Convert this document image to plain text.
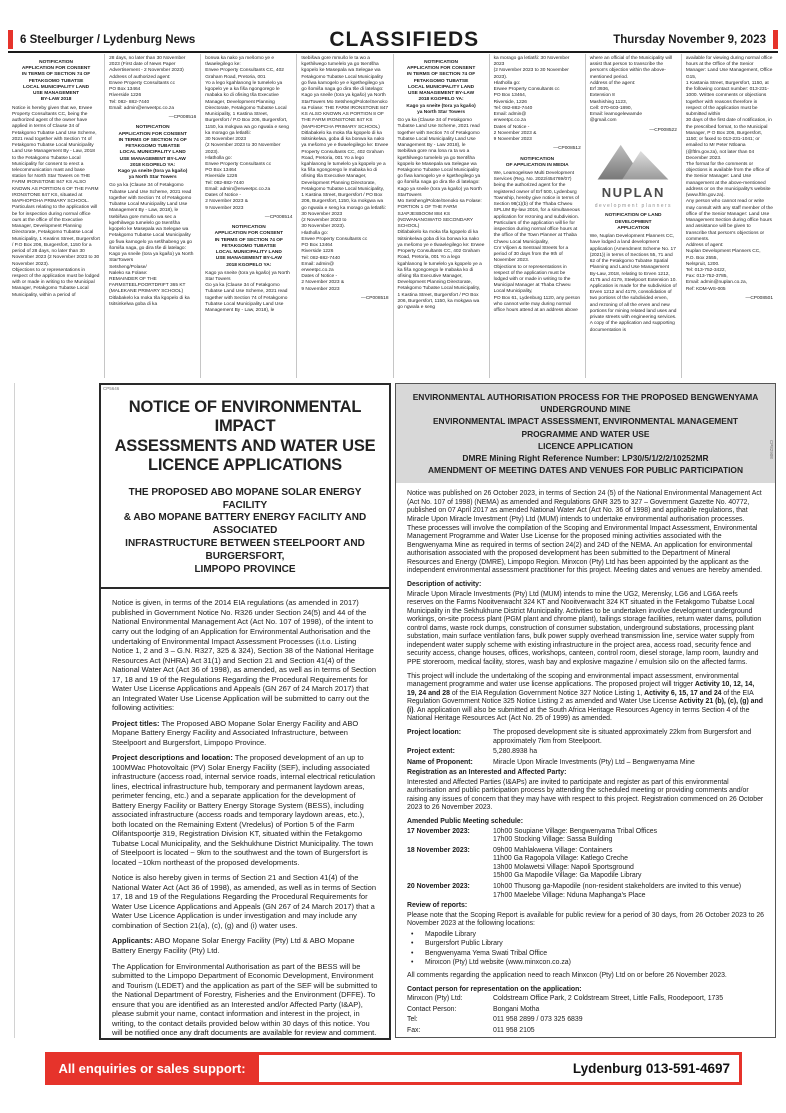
6 Steelburger / Lydenburg News	CLASSIFIEDS	Thursday November 9, 2023
NOTIFICATION
APPLICATION FOR CONSENT
IN TERMS OF SECTION 74 OF
FETAKGOMO TUBATSE
LOCAL MUNICIPALITY LAND
USE MANAGEMENT
BY-LAW 2018
Notice is hereby given that we, Erwee Property Consultants CC, being the authorized agent of the owner have applied in terms of Clause 34 of Fetakgomo Tubatse Land Use Scheme, 2021 read together with Section 74 of Fetakgomo Tubatse Local Municipality Land Use Management By - Law, 2018 to the Fetakgomo Tubatse Local Municipality for consent to erect a telecommunication mast and base station for North Star Towers on THE FARM IRONSTONE 847 KS ALSO KNOWN AS PORTION 6 OF THE FARM IRONSTONE 847 KS, situated at MAPHOPOHA PRIMARY SCHOOL.
Particulars relating to the application will be for inspection during normal office ours at the office of the Executive Manager, Development Planning Directorate, Fetakgomo Tubatse Local Municipality, 1 Keatins Street, Burgersfort / P.O Box 206, Burgersfort, 1150 for a period of 28 days, no later than 30 November 2023 (2 November 2023 to 30 November 2023).
Objections to or representations in respect of the application must be lodged with or made in writing to the Municipal Manager, Fetakgomo Tubatse Local Municipality, within a period of
28 days, no later than 30 November 2023 (First date of News Paper Advertisement - 2 November 2023)
Address of authorized agent:
Erwee Property Consultants cc
PO Box 13464
Riverside 1226
Tel: 082- 882-7440
Email: admin@erweetpc.co.za
—CP008516
NOTIFICATION
APPLICATION FOR CONSENT
IN TERMS OF SECTION 74 OF
FETAKGOMO TUBATSE
LOCAL MUNICIPALITY LAND
USE MANAGEMENT BY-LAW
2018 KGOPELO YA:
Kago ya sneite (tora ya kgašo)
ya North Star Towers
Go ya ka (Clause 34 of Fetakgomo Tubatse Land Use Scheme, 2021 read together with Section 74 of Fetakgomo Tubatse Local Municipality Land Use Management By - Law, 2018), le tsebišwa gore mmušo wa sec a kgethilwego tumelelo go tsentšha kgopelo ke Masepala wa Selegae wa Fetakgomo Tubatse Local Municipality go fiwa kamogelo ya setšhabeng ya go šomiša naga, go dira tše di latelago:
Kago ya sneile (tora ya kgašo) ya North StarTowers
Setsheng/Polase/
Naleko sa Folase:
REMAINDER OF THE FARMSTEELPOORTDRIFT 365 KT (MALEKANE PRIMARY SCHOOL)
Ditlabakelo ka moka tša kgopelo di ka tsitsinkelwa goba di ka
bonwa ka nako ya mešomo ye e tlwaelegilego ke:
Erwee Property Consultants CC, 402 Graham Road, Pretoria, 001
Yo a lego kgahlanong le tumelelo ya kgopelo ye a ka fiša ngongorego le mabaka ko di ofising tša Executive Manager, Development Planning Directorate, Fetakgomo Tubatse Local Municipality, 1 Kastina Street, Burgersfort / P.O Box 206, Burgersfort, 1150, ka mokgwa wa go ngwala e seng ka morago ga letlatši:
30 November 2023
(2 November 2023 to 30 November 2023).
Hlatholla go:
Erwee Property Consultants cc
PO Box 13464
Riverside 1226
Tel: 082-882-7440
Email: admin@erweetpc.co.za
Dates of Notice -
2 November 2023 &
9 November 2023
—CP008514
NOTIFICATION
APPLICATION FOR CONSENT
IN TERMS OF SECTION 74 OF
FETAKGOMO TUBATSE
LOCAL MUNICIPALITY LAND
USE MANAGEMENT BY-LAW
2018 KGOPELO YA:
Kago ya sneite (tora ya kgašo) ya North Star Towers
Go ya ka (Clause 34 of Fetakgomo Tubatse Land Use Scheme, 2021 read together with Section 74 of Fetakgomo Tubatse Local Municipality Land Use Management By - Law, 2018), le
tsebišwa gore mmušo le ta wo a kgethilwego tumelelo ya go tsentšha kgopelo ke Masepala wa Selegae wa Fetakgomo Tubatse Local Municipality go fiwa kamogelo ye e kgethegilego ya go šomiša naga go dira tše di latelago: Kago ya sneile (tora ya kgašo) ya North StarTowers Mo Setsheng/Polote/Senoko sa Folase: THE FARM IRONSTONE 847 KS ALSO KNOWN AS PORTION 8 OF THE FARM IRONSTONE 847 KS (MAPHOPCHA PRIMARY SCHOOL) Ditlabakelo ka moka tša kgopelo di ka tsitsinkelwa, goba di ka bonwa ka nako ya mešomo ye e tlwaelegilego ke: Erwee Property Consultants CC, 402 Graham Road, Pretoria, 001 Yo a lego kgahlanong le tumelelo ya kgopelo ye a ka fiša ngongorego le mabaka ko di ofising tša Executive Manager, Development Planning Directorate, Fetakgomo Tubatse Local Municipality,
1 Kastina Street, Burgersfort / PO Box 206, Burgersfort, 1150, ka mokgwa wa go ngwala e seng ka morago ga letlatši:
30 November 2023
(2 November 2023 to
30 November 2023).
Hlatholla go:
Erwee Property Consultants cc
PO Box 13464
Riverside 1226
Tel: 082-882-7440
Email: admin@
erweetpc.co.za
Dates of Notice -
2 November 2023 &
9 November 2023
—CP008518
NOTIFICATION
APPLICATION FOR CONSENT
IN TERMS OF SECTION 74 OF
FETAKGOMO TUBATSE
LOCAL MUNICIPALITY LAND
USE MANAGEMENT BY-LAW
2018 KGOPELO YA:
Kago ya sneite (tora ya kgašo)
ya North Star Towers
Go ya ka (Clause 34 of Fetakgomo Tubatse Land Use Scheme, 2021 read together with Section 74 of Fetakgomo Tubatse Local Municipality Land Use Management By - Law 2018), le tsebišwa gore nna lona ra ta wo a kgethilwego tumelelo ya go tsentšha kgopelo ke Masepala wa Selegae wa Fetakgomo Tubatse Local Municipality go fiwa kamogelo ye e kgethegilego ya go šomiša naga go dira tše di latelago:
Kago ya sneile (tora ya kgašo) ya North StarTowers
Mo Setsheng/Polote/Senoko sa Folase:
PORTION 1 OF THE FARM SJAPJESBOOM 884 KS (NGWANANGWATO SECONDARY SCHOOL)
Ditlabakelo ka moka tša kgopelo di ka tsitsinkelwa goba di ka bonwa ka nako ya mešomo ye e tlwaelegilego ke: Erwee Property Consultants CC, 402 Graham Road, Pretoria, 001 Yo a lego kgahlanong le tumelelo ya kgopelo ye a ka fiša ngongorego le mabaka ko di ofising tša Executive Manager, Development Planning Directorate, Fetakgomo Tubatse Local Municipality,
1 Kastina Street, Burgersfort / PO Box 206, Burgersfort, 1150, ka mokgwa wa go ngwala e seng
ka morago ga letlatši: 30 November 2023
(2 November 2023 to 30 November 2023).
Hlatholla go:
Erwee Property Consultants cc
PO Box 13464,
Riverside, 1226
Tel: 082-882-7440
Email: admin@
erweetpc.co.za
Dates of Notice -
2 November 2023 &
9 November 2023
—CP008512
NOTIFICATION
OF APPLICATION IN MEDIA
We, Leamogelswe Multi Development Services (Reg. No. 2022/454769/07) being the authorized agent for the registered owner of Erf 500, Lydenburg Township, hereby give notice in terms of Section 98(1)(b) of the Thaba Chweu SPLUM By-law 2016, for a simultaneous application for rezoning and subdivision.
Particulars of the application will lie for inspection during normal office hours at the office of the Town Planner at Thaba Chweu Local Municipality,
Cnr Viljoen & Sentraal Streets for a period of 30 days from the 9th of November 2023.
Objections to or representations in respect of the application must be lodged with or made in writing to the Municipal Manager at Thaba Chweu Local Municipality,
PO Box 61, Lydenburg 1120, any person who cannot write may during normal office hours attend at an address above
where an official of the Municipality will assist that person to transcribe the person's objection within the above-mentioned period.
Address of the agent:
Erf 3936,
Extension 8
Mashishing 1123,
Cell: 070-603-1890,
Email: leamogelewamde
@gmail.com
—CP008522
NUPLAN
development planners
NOTIFICATION OF LAND
DEVELOPMENT
APPLICATION
We, Nuplan Development Planners CC, have lodged a land development application (Amendment Scheme No. 17 (2021)) in terms of Sections 55, 71 and 62 of the Fetakgomo Tubatse Spatial Planning and Land Use Management By-Law, 2018, relating to Erven 1212, 4175 and 4179, Steelpoort Extension 10. Application is made for the subdivision of Erven 1212 and 4179, consolidation of two portions of the subdivided erven, and rezoning of all the erven and new portions for mining related land uses and private streets with engineering services. A copy of the application and supporting documentation is
available for viewing during normal office hours at the Office of the Senior Manager: Land Use Management, Office G15,
1 Kastania Street, Burgersfort, 1150, at the following contact number: 013-231-1000. Written comments or objections together with reasons therefore in respect of the application must be submitted within
30 days of the first date of notification, in the prescribed format, to the Municipal Manager, P O Box 206, Burgersfort, 1150; or faxed to 013-231-1041; or emailed to Mr Peter Ntloana (@ftlm.gov.za), not later than 04 December 2023.
The format for the comments or objections is available from the office of the Senior Manager: Land Use management at the above-mentioned address or on the municipality's website (www.ftlm.gov.za).
Any person who cannot read or write may consult with any staff member of the office of the Senior Manager: Land Use Management Section during office hours and assistance will be given to transcribe that person's objections or comments.
Address of agent:
Nuplan Development Planners CC,
P.O. Box 2555,
Nelspruit, 1200.
Tel: 013-752-3422,
Fax: 013-752-3785,
Email: admin@nuplan.co.za,
Ref: KDM-WS-005
—CP008501
CP5646
NOTICE OF ENVIRONMENTAL IMPACT
ASSESSMENTS AND WATER USE
LICENCE APPLICATIONS
THE PROPOSED ABO MOPANE SOLAR ENERGY FACILITY
& ABO MOPANE BATTERY ENERGY FACILITY AND ASSOCIATED
INFRASTRUCTURE BETWEEN STEELPOORT AND BURGERSFORT,
LIMPOPO PROVINCE

Notice is given, in terms of the 2014 EIA regulations (as amended in 2017) published in Government Notice No. R326 under Section 24(5) and 44 of the National Environmental Management Act (Act No. 107 of 1998), of the intent to carry out the lodging of an Application for Environmental Authorisation and the undertaking of Environmental Impact Assessment Processes (i.t.o. Listing Notice 1, 2 and 3 – G.N. R327, 325 & 324), Section 38 of the National Heritage Resources Act (NHRA) Act 31(1) and Section 21 and Section 41(4) of the National Water Act (Act 36 of 1998), as amended, as well as in terms of Section 17, 18 and 19 of the Regulations Regarding the Procedural Requirements for Water Use License Applications and Appeals (GN 267 of 24 March 2017) that an Integrated Water Use License Application will be submitted to carry out the following activities:

Project titles: The Proposed ABO Mopane Solar Energy Facility and ABO Mopane Battery Energy Facility and Associated Infrastructure, between Steelpoort and Burgersfort, Limpopo Province.

Project descriptions and location: The proposed development of an up to 100MWac Photovoltaic (PV) Solar Energy Facility (SEF), including associated infrastructure (access road, internal service roads, internal electrical reticulation lines, electrical infrastructure hub, temporary and permanent laydown areas, perimeter fencing, etc.) and a separate application for the development of Battery Energy Facility or Battery Energy Storage System (BESS), including associated infrastructure (access roads and temporary laydown areas, etc.), both located on the Remaining Extent (Vredelus) of Portion 5 of the Farm Olifantspoortje 319, Registration Division KT, situated within the Fetakgomo Tubatse Local Municipality, and the Sekhukhune District Municipality. The town of Steelpoort is located ~ 9km to the southwest and the town of Burgersfort is located ~10km northeast of the proposed developments.

Notice is also hereby given in terms of Section 21 and Section 41(4) of the National Water Act (Act 36 of 1998), as amended, as well as in terms of Section 17, 18 and 19 of the Regulations Regarding the Procedural Requirements for Water Use Licence Applications and Appeals (GN 267 of 24 March 2017) that a Water Use Licence Application is under investigation and may include any combination of Section 21(a), (c), (g) and (i) water uses.

Applicants: ABO Mopane Solar Energy Facility (Pty) Ltd & ABO Mopane Battery Energy Facility (Pty) Ltd.

The Application for Environmental Authorisation as part of the BESS will be submitted to the Limpopo Department of Economic Development, Environment and Tourism (LEDET) and the application as part of the SEF will be submitted to the National Department of Forestry, Fisheries and the Environment (DFFE). To ensure that you are identified as an Interested and/or Affected Party (I&AP), please submit your name, contact information and interest in the project, in writing, to the contact details provided below within 30 days of this notice. You will be notified once any draft documents are available for review and comment.

CP82908
ENVIRONMENTAL AUTHORISATION PROCESS FOR THE PROPOSED BENGWENYAMA UNDERGROUND MINE
ENVIRONMENTAL IMPACT ASSESSMENT, ENVIRONMENTAL MANAGEMENT PROGRAMME AND WATER USE
LICENCE APPLICATION
DMRE Mining Right Reference Number: LP30/5/1/2/2/10252MR
AMENDMENT OF MEETING DATES AND VENUES FOR PUBLIC PARTICIPATION

Notice was published on 26 October 2023, in terms of Section 24 (5) of the National Environmental Management Act (Act No. 107 of 1998) (NEMA) as amended and Regulations GNR 325 to 327 – Government Gazette No. 40772, published on 07 April 2017 as amended National Water Act (Act No. 36 of 1998) and applicable regulations, that Miracle Upon Miracle Investment (Pty) Ltd (MUM) intends to undertake environmental authorisation processes. These processes will involve the compilation of the Scoping and Environmental Impact Assessment, Environmental Management Programme and Water Use License for the proposed mining activities associated with the Bengwenyama Mine as required in terms of section 24(2) and 24D of the NEMA. An application for environmental authorisation associated with the proposed development has been submitted to the Department of Mineral Resources and Energy (DMRE), Limpopo Region. Minxcon (Pty) Ltd has been appointed by the applicant as the independent environmental assessment practitioner for this project. Meeting dates and venues are hereby amended.

Description of activity:

Miracle Upon Miracle Investments (Pty) Ltd (MUM) intends to mine the UG2, Merensky, LG6 and LG6A reefs reserves on the Farms Nooitverwacht 324 KT and Nooitverwacht 324 KT situated in the Fetakgomo Tubatse Local Municipality in the Sekhukhune District Municipality. Activities to be undertaken involve development underground workings, on-site process plant (PGM plant and chrome plant), tailings storage facilities, return water dams, pollution control dams, waste rock dumps, construction of consumer substation, underground substations, processing plant substation, main surface ventilation fans, bulk power supply overhead transmission line, service water supply from independent water supply scheme with existing infrastructure in the project area, access road, security fence and security access, change houses, offices, workshops, canteen, control room, diesel storage, lamp room, laundry and PPE storeroom, medical facility, stores, wash bay and explosive magazine / emulsion silo on the affected farms.

This project will include the undertaking of the scoping and environmental impact assessment, environmental management programme and water use license applications. The proposed project will trigger Activity 10, 12, 14, 19, 24 and 28 of the EIA Regulation Government Notice 327 Notice Listing 1, Activity 6, 15, 17 and 24 of the EIA Regulation Government Notice 325 Notice Listing 2 as amended and Water Use License Activity 21 (b), (c), (g) and (i). An application will also be submitted at the South Africa Heritage Resources Agency in terms Section 4 of the National Heritage Resources Act (Act No. 25 of 1999) as amended.

Project location:	The proposed development site is situated approximately 22km from Burgersfort and approximately 7km from Steelpoort.
Project extent:	5,280.8938 ha
Name of Proponent:	Miracle Upon Miracle Investments (Pty) Ltd – Bengwenyama Mine
Registration as an Interested and Affected Party:

Interested and Affected Parties (I&APs) are invited to participate and register as part of this environmental authorisation and public participation process by attending the scheduled meeting or providing comments and/or raising any issues of concern that they may have with respect to this project. Registration commenced on 26 October 2023 to 26 November 2023.

Amended Public Meeting schedule:
17 November 2023:	10h00 Soupiane Village: Bengwenyama Tribal Offices
17h00 Stocking Village: Sassa Building
18 November 2023:	09h00 Mahlakwena Village: Containers
11h00 Ga Ragopola Village: Katlego Creche
13h00 Molawetsi Village: Napoli Sportsground
15h00 Ga Mapodile Village: Ga Mapodile Library
20 November 2023:	10h00 Thusong ga-Mapodile (non-resident stakeholders are invited to this venue)
17h00 Maelebe Village: Nduna Maphanga's Place
Review of reports:

Please note that the Scoping Report is available for public review for a period of 30 days, from 26 October 2023 to 26 November 2023 at the following locations:

• Mapodile Library
• Burgersfort Public Library
• Bengwenyama Yema Swati Tribal Office
• Minxcon (Pty) Ltd website (www.minxcon.co.za)

All comments regarding the application need to reach Minxcon (Pty) Ltd on or before 26 November 2023.

Contact person for representation on the application:
Minxcon (Pty) Ltd:	Coldstream Office Park, 2 Coldstream Street, Little Falls, Roodepoort, 1735
Contact Person:	Bongani Motha
Tel:	011 958 2899 / 073 325 6839
Fax:	011 958 2105

All enquiries or sales support:	Lydenburg 013-591-4697
